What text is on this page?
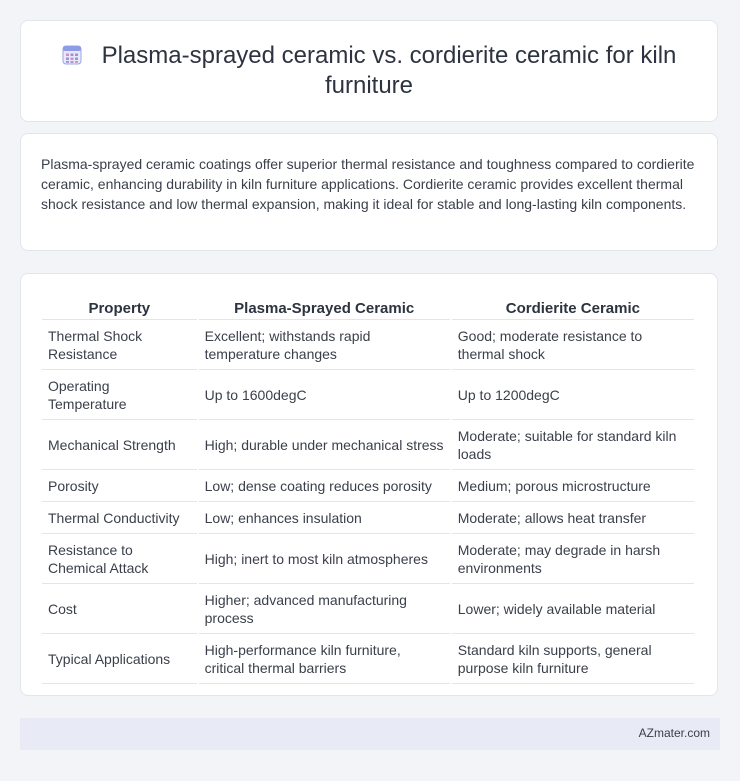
Plasma-sprayed ceramic vs. cordierite ceramic for kiln furniture

Plasma-sprayed ceramic coatings offer superior thermal resistance and toughness compared to cordierite ceramic, enhancing durability in kiln furniture applications. Cordierite ceramic provides excellent thermal shock resistance and low thermal expansion, making it ideal for stable and long-lasting kiln components.

Property	Plasma-Sprayed Ceramic	Cordierite Ceramic
Thermal Shock Resistance	Excellent; withstands rapid temperature changes	Good; moderate resistance to thermal shock
Operating Temperature	Up to 1600degC	Up to 1200degC
Mechanical Strength	High; durable under mechanical stress	Moderate; suitable for standard kiln loads
Porosity	Low; dense coating reduces porosity	Medium; porous microstructure
Thermal Conductivity	Low; enhances insulation	Moderate; allows heat transfer
Resistance to Chemical Attack	High; inert to most kiln atmospheres	Moderate; may degrade in harsh environments
Cost	Higher; advanced manufacturing process	Lower; widely available material
Typical Applications	High-performance kiln furniture, critical thermal barriers	Standard kiln supports, general purpose kiln furniture
AZmater.com
